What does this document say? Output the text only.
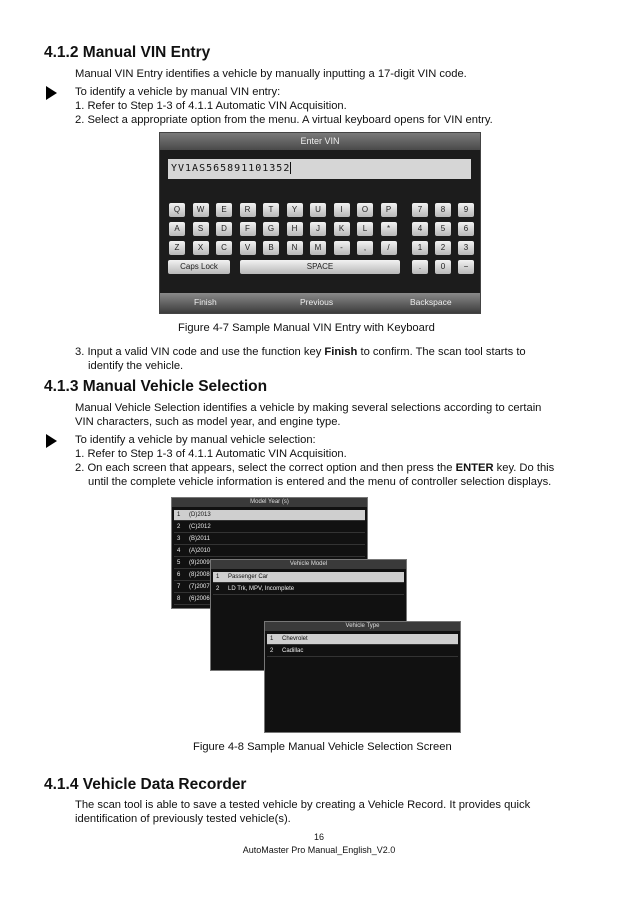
4.1.2 Manual VIN Entry
Manual VIN Entry identifies a vehicle by manually inputting a 17-digit VIN code.
To identify a vehicle by manual VIN entry:
1. Refer to Step 1-3 of 4.1.1 Automatic VIN Acquisition.
2. Select a appropriate option from the menu. A virtual keyboard opens for VIN entry.
Enter VIN
YV1AS565891101352
Q	W	E	R	T	Y	U	I	O	P
A	S	D	F	G	H	J	K	L	*
Z	X	C	V	B	N	M	-	,	/
7	8	9
4	5	6
1	2	3
.	0	−
Caps Lock	SPACE
Finish	Previous	Backspace
Figure 4-7 Sample Manual VIN Entry with Keyboard
3. Input a valid VIN code and use the function key Finish to confirm. The scan tool starts to
identify the vehicle.
4.1.3 Manual Vehicle Selection
Manual Vehicle Selection identifies a vehicle by making several selections according to certain
VIN characters, such as model year, and engine type.
To identify a vehicle by manual vehicle selection:
1. Refer to Step 1-3 of 4.1.1 Automatic VIN Acquisition.
2. On each screen that appears, select the correct option and then press the ENTER key. Do this
until the complete vehicle information is entered and the menu of controller selection displays.
Model Year (s)
1 (D)2013
2 (C)2012
3 (B)2011
4 (A)2010
5 (9)2009
6 (8)2008
7 (7)2007
8 (6)2006
Vehicle Model
1 Passenger Car
2 LD Trk, MPV, Incomplete
Vehicle Type
1 Chevrolet
2 Cadillac
Figure 4-8 Sample Manual Vehicle Selection Screen
4.1.4 Vehicle Data Recorder
The scan tool is able to save a tested vehicle by creating a Vehicle Record. It provides quick
identification of previously tested vehicle(s).
16
AutoMaster Pro Manual_English_V2.0
